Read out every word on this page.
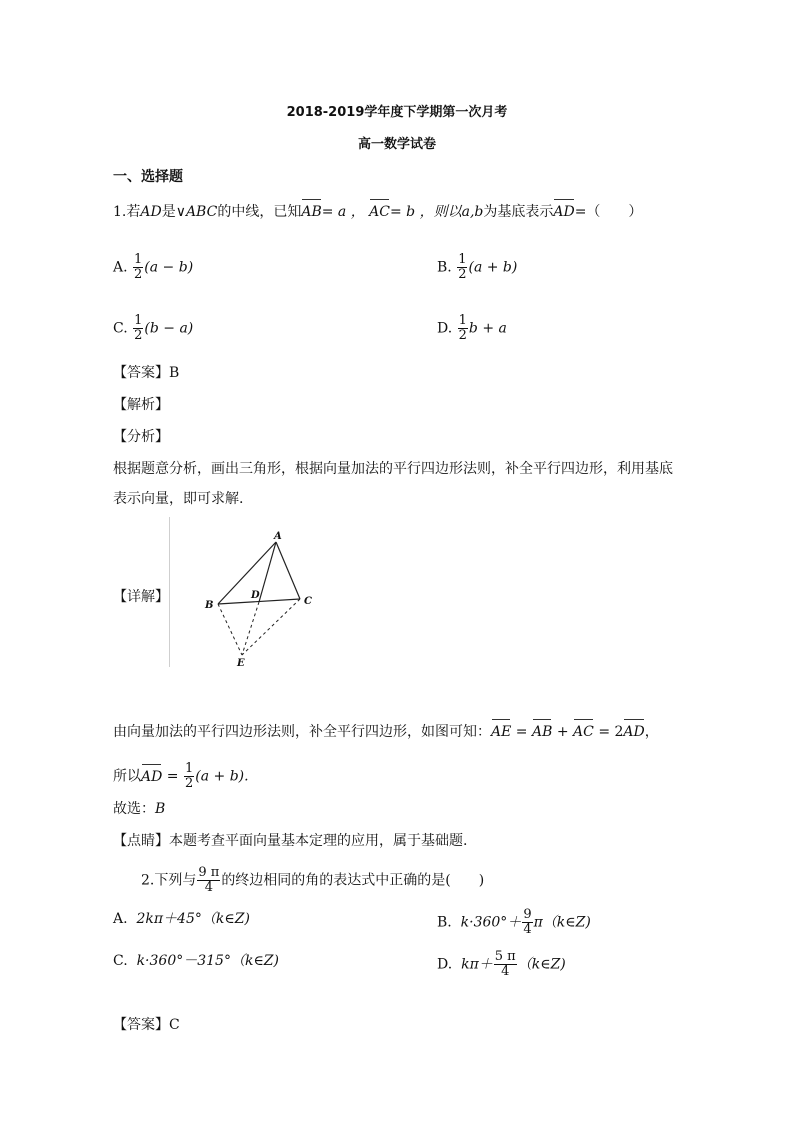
2018-2019学年度下学期第一次月考
高一数学试卷
一、选择题
1.若AD是∨ABC的中线，已知AB= a ， AC= b ，则以a,b为基底表示AD=（　　）
A. $\frac{1}{2} (a - b)$	B. $\frac{1}{2} (a + b)$
C. $\frac{1}{2} (b - a)$	D. $\frac{1}{2}$ b + a
【答案】B
【解析】
【分析】
根据题意分析，画出三角形，根据向量加法的平行四边形法则，补全平行四边形，利用基底
表示向量，即可求解.
【详解】
A
B	C
D
E
由向量加法的平行四边形法则，补全平行四边形，如图可知：AE = AB + AC = 2AD，
所以AD = $\frac{1}{2} (a + b)$.
故选：B
【点睛】本题考查平面向量基本定理的应用，属于基础题.
2.下列与 $\frac{9 \pi}{4}$ 的终边相同的角的表达式中正确的是(　　)
A. 2kπ＋45°（k∈Z)	B. $k\cdot 360^\circ+ \frac{9}{4}$ π（k∈Z)
C. k·360°－315°（k∈Z)	D. $k\pi+ \frac{5 \pi}{4}$ （k∈Z)
【答案】C
